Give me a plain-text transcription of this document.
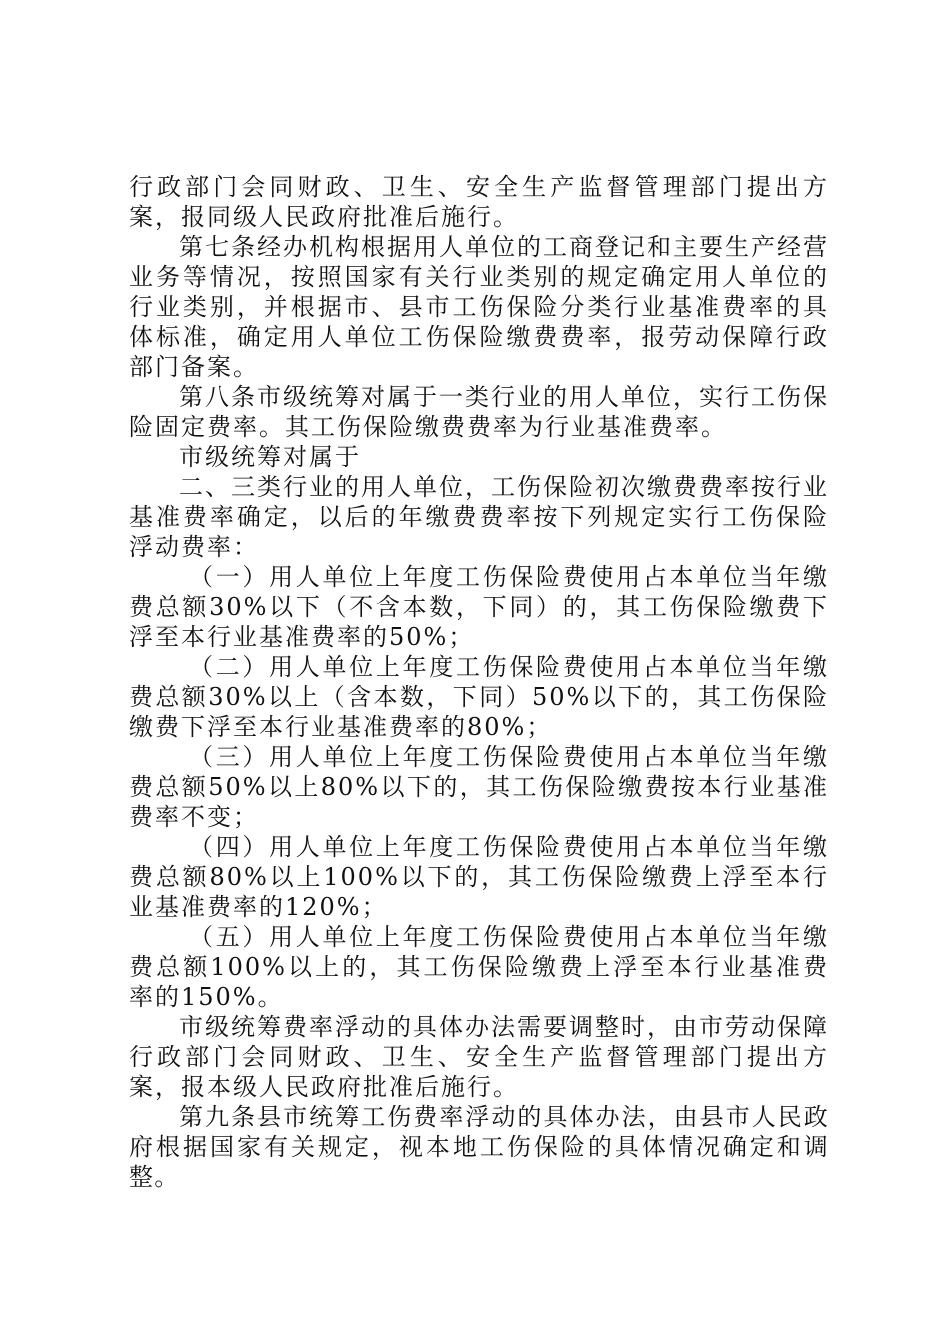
行政部门会同财政、卫生、安全生产监督管理部门提出方案，报同级人民政府批准后施行。

第七条经办机构根据用人单位的工商登记和主要生产经营业务等情况，按照国家有关行业类别的规定确定用人单位的行业类别，并根据市、县市工伤保险分类行业基准费率的具体标准，确定用人单位工伤保险缴费费率，报劳动保障行政部门备案。

第八条市级统筹对属于一类行业的用人单位，实行工伤保险固定费率。其工伤保险缴费费率为行业基准费率。

市级统筹对属于

二、三类行业的用人单位，工伤保险初次缴费费率按行业基准费率确定，以后的年缴费费率按下列规定实行工伤保险浮动费率：

（一）用人单位上年度工伤保险费使用占本单位当年缴费总额30%以下（不含本数，下同）的，其工伤保险缴费下浮至本行业基准费率的50%；

（二）用人单位上年度工伤保险费使用占本单位当年缴费总额30%以上（含本数，下同）50%以下的，其工伤保险缴费下浮至本行业基准费率的80%；

（三）用人单位上年度工伤保险费使用占本单位当年缴费总额50%以上80%以下的，其工伤保险缴费按本行业基准费率不变；

（四）用人单位上年度工伤保险费使用占本单位当年缴费总额80%以上100%以下的，其工伤保险缴费上浮至本行业基准费率的120%；

（五）用人单位上年度工伤保险费使用占本单位当年缴费总额100%以上的，其工伤保险缴费上浮至本行业基准费率的150%。

市级统筹费率浮动的具体办法需要调整时，由市劳动保障行政部门会同财政、卫生、安全生产监督管理部门提出方案，报本级人民政府批准后施行。

第九条县市统筹工伤费率浮动的具体办法，由县市人民政府根据国家有关规定，视本地工伤保险的具体情况确定和调整。
